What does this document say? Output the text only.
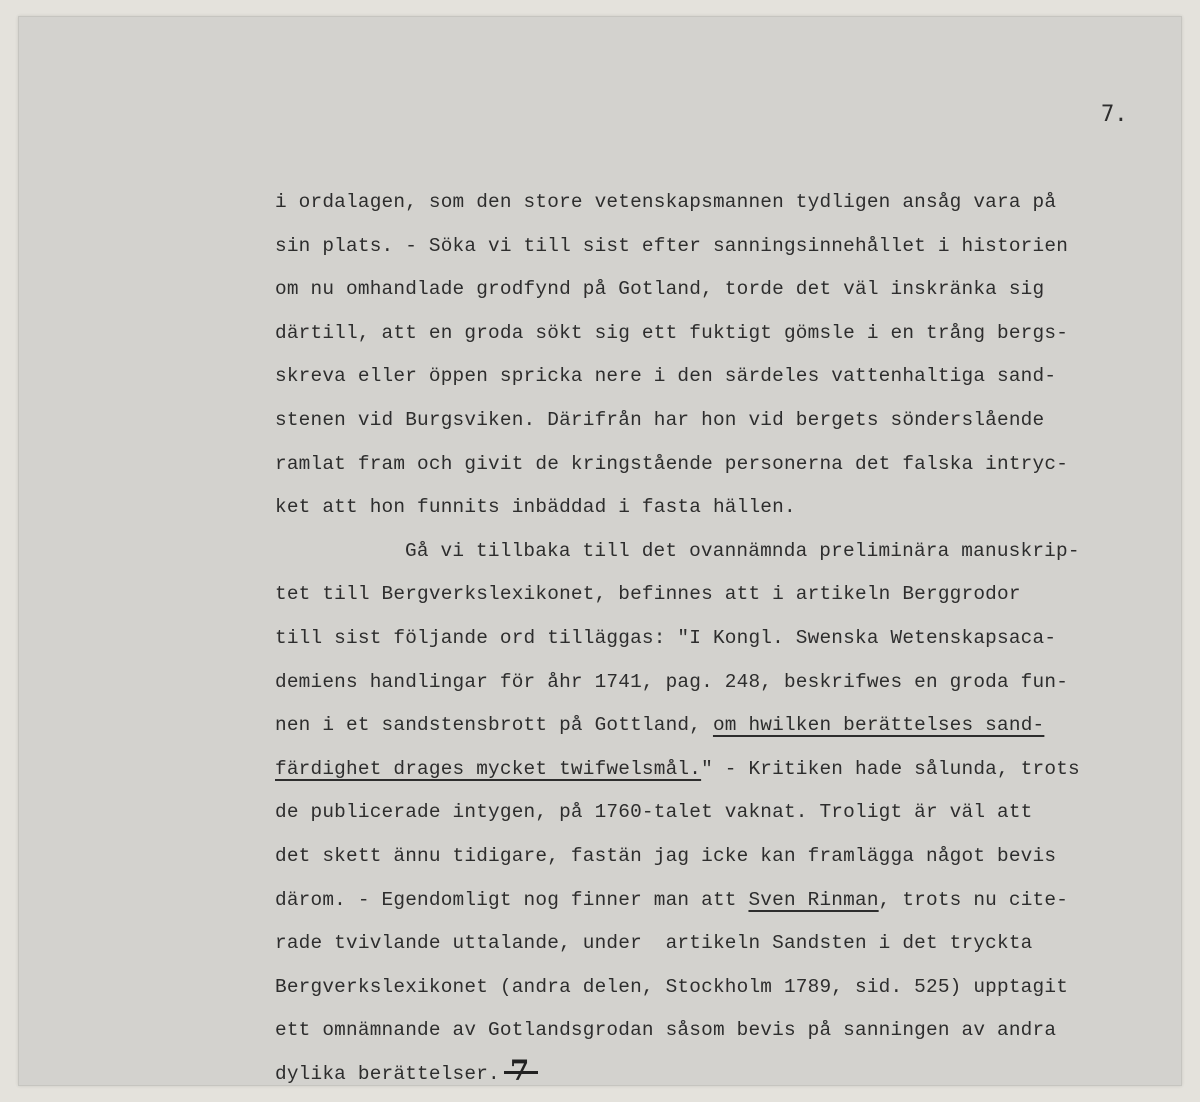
7.
i ordalagen, som den store vetenskapsmannen tydligen ansåg vara på
sin plats. - Söka vi till sist efter sanningsinnehållet i historien
om nu omhandlade grodfynd på Gotland, torde det väl inskränka sig
därtill, att en groda sökt sig ett fuktigt gömsle i en trång bergs-
skreva eller öppen spricka nere i den särdeles vattenhaltiga sand-
stenen vid Burgsviken. Därifrån har hon vid bergets sönderslående
ramlat fram och givit de kringstående personerna det falska intryc-
ket att hon funnits inbäddad i fasta hällen.
Gå vi tillbaka till det ovannämnda preliminära manuskrip-
tet till Bergverkslexikonet, befinnes att i artikeln Berggrodor
till sist följande ord tilläggas: "I Kongl. Swenska Wetenskapsaca-
demiens handlingar för åhr 1741, pag. 248, beskrifwes en groda fun-
nen i et sandstensbrott på Gottland, om hwilken berättelses sand-
färdighet drages mycket twifwelsmål." - Kritiken hade sålunda, trots
de publicerade intygen, på 1760-talet vaknat. Troligt är väl att
det skett ännu tidigare, fastän jag icke kan framlägga något bevis
därom. - Egendomligt nog finner man att Sven Rinman, trots nu cite-
rade tvivlande uttalande, under  artikeln Sandsten i det tryckta
Bergverkslexikonet (andra delen, Stockholm 1789, sid. 525) upptagit
ett omnämnande av Gotlandsgrodan såsom bevis på sanningen av andra
dylika berättelser. 7
